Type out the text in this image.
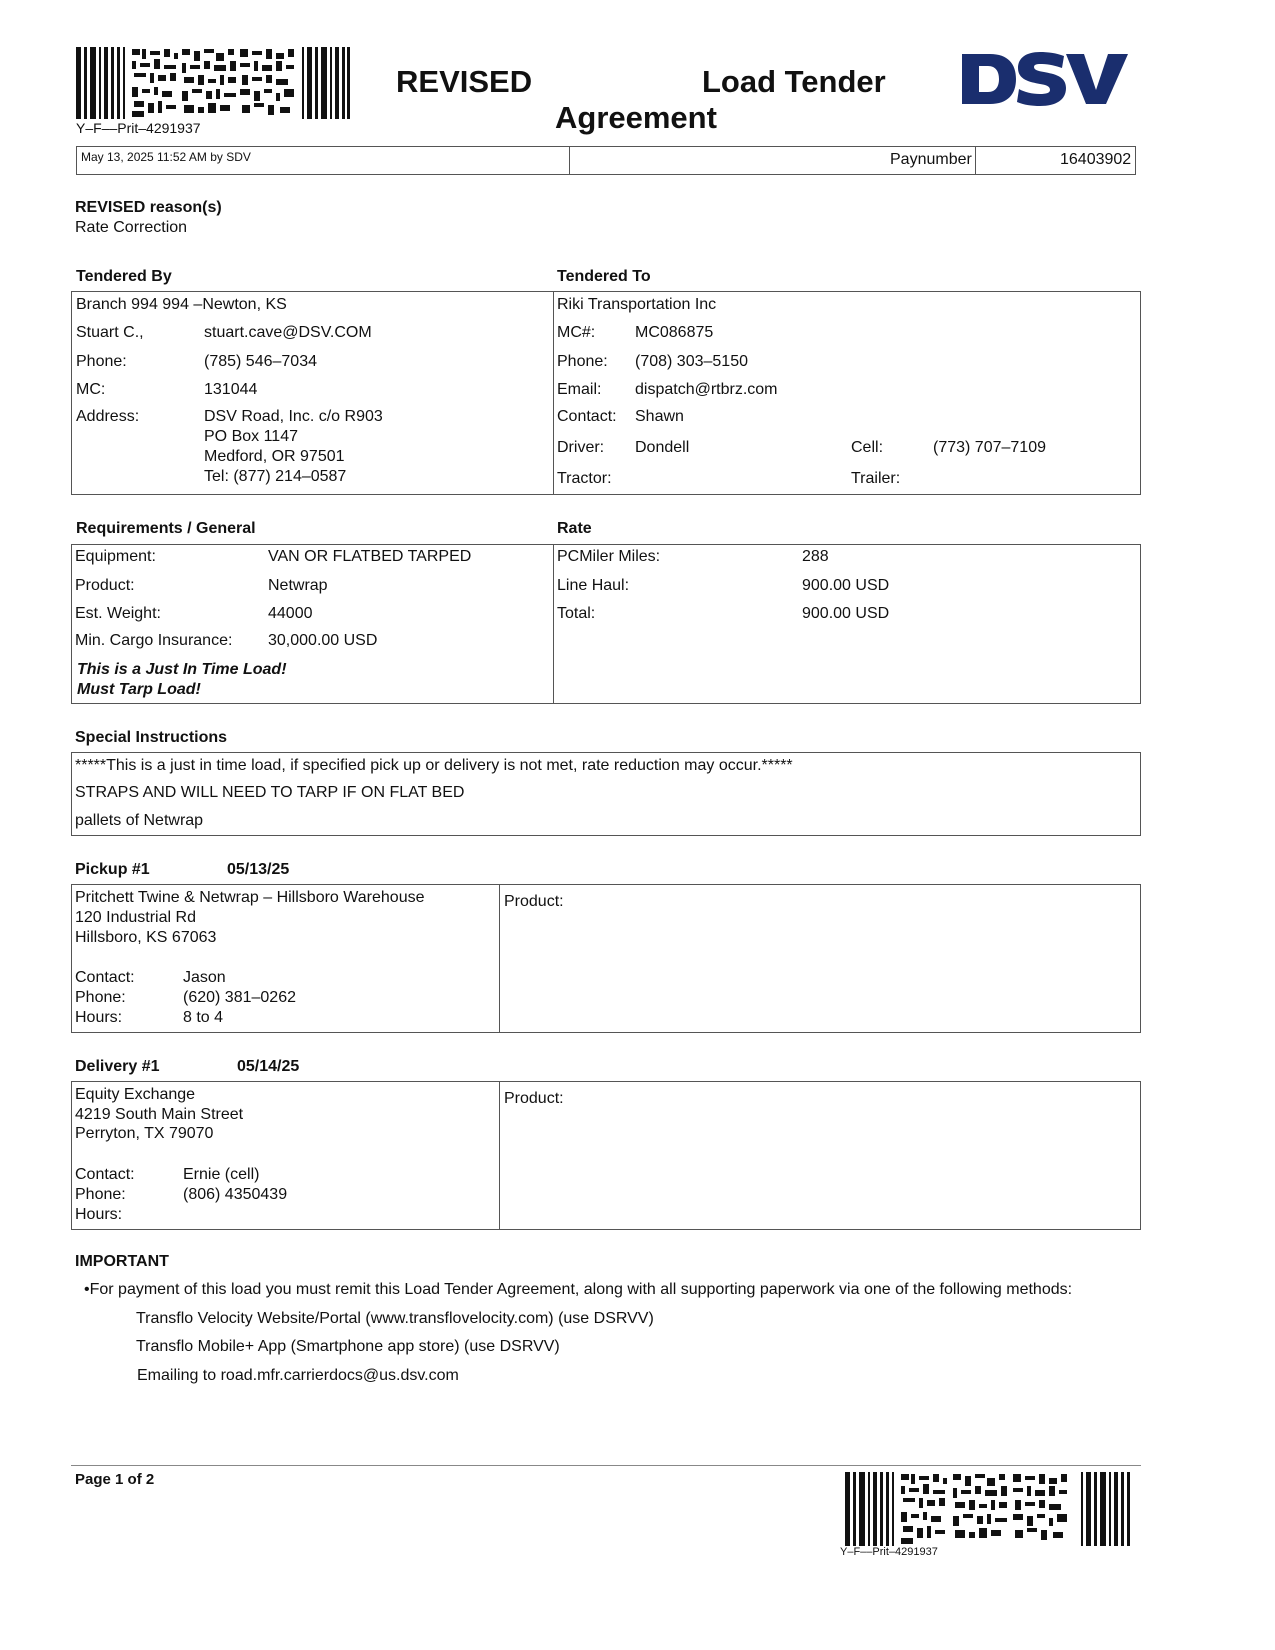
Y–F––Prit–4291937
REVISED	Load Tender
Agreement
May 13, 2025 11:52 AM by SDV	Paynumber	16403902
REVISED reason(s)
Rate Correction
Tendered By	Tendered To
Branch 994 994 –Newton, KS
Stuart C.,	stuart.cave@DSV.COM
Phone:	(785) 546–7034
MC:	131044
Address:	DSV Road, Inc. c/o R903
PO Box 1147
Medford, OR 97501
Tel: (877) 214–0587
Riki Transportation Inc
MC#: MC086875
Phone: (708) 303–5150
Email: dispatch@rtbrz.com
Contact: Shawn
Driver: Dondell	Cell:	(773) 707–7109
Tractor:	Trailer:
Requirements / General	Rate
Equipment:	VAN OR FLATBED TARPED
Product:	Netwrap
Est. Weight:	44000
Min. Cargo Insurance: 30,000.00 USD
This is a Just In Time Load!
Must Tarp Load!
PCMiler Miles:	288
Line Haul:	900.00 USD
Total:	900.00 USD
Special Instructions
*****This is a just in time load, if specified pick up or delivery is not met, rate reduction may occur.*****
STRAPS AND WILL NEED TO TARP IF ON FLAT BED
pallets of Netwrap
Pickup #1	05/13/25
Pritchett Twine & Netwrap – Hillsboro Warehouse
120 Industrial Rd
Hillsboro, KS 67063
Contact:	Jason
Phone:	(620) 381–0262
Hours:	8 to 4
Product:
Delivery #1	05/14/25
Equity Exchange
4219 South Main Street
Perryton, TX 79070
Contact:	Ernie (cell)
Phone:	(806) 4350439
Hours:
Product:
IMPORTANT
•For payment of this load you must remit this Load Tender Agreement, along with all supporting paperwork via one of the following methods:
Transflo Velocity Website/Portal (www.transflovelocity.com) (use DSRVV)
Transflo Mobile+ App (Smartphone app store) (use DSRVV)
Emailing to road.mfr.carrierdocs@us.dsv.com
Page 1 of 2
Y–F––Prit–4291937
